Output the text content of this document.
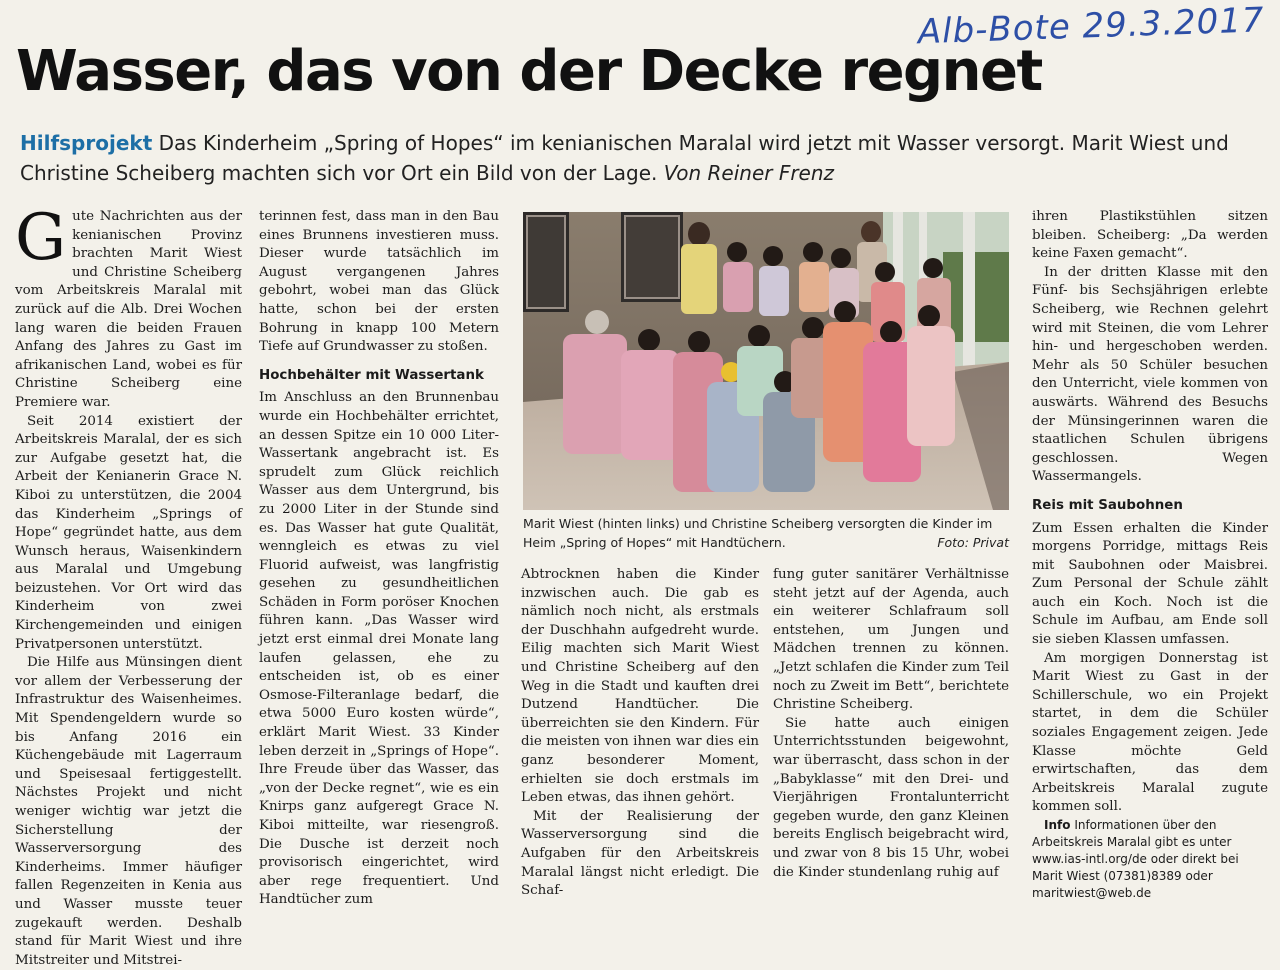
Alb-Bote 29.3.2017
Wasser, das von der Decke regnet
Hilfsprojekt Das Kinderheim „Spring of Hopes“ im kenianischen Maralal wird jetzt mit Wasser versorgt. Marit Wiest und Christine Scheiberg machten sich vor Ort ein Bild von der Lage. Von Reiner Frenz

Gute Nachrichten aus der kenianischen Provinz brachten Marit Wiest und Christine Scheiberg vom Arbeitskreis Maralal mit zurück auf die Alb. Drei Wochen lang waren die beiden Frauen Anfang des Jahres zu Gast im afrikanischen Land, wobei es für Christine Scheiberg eine Premiere war.

Seit 2014 existiert der Arbeitskreis Maralal, der es sich zur Aufgabe gesetzt hat, die Arbeit der Kenianerin Grace N. Kiboi zu unterstützen, die 2004 das Kinderheim „Springs of Hope“ gegründet hatte, aus dem Wunsch heraus, Waisenkindern aus Maralal und Umgebung beizustehen. Vor Ort wird das Kinderheim von zwei Kirchengemeinden und einigen Privatpersonen unterstützt.

Die Hilfe aus Münsingen dient vor allem der Verbesserung der Infrastruktur des Waisenheimes. Mit Spendengeldern wurde so bis Anfang 2016 ein Küchengebäude mit Lagerraum und Speisesaal fertiggestellt. Nächstes Projekt und nicht weniger wichtig war jetzt die Sicherstellung der Wasserversorgung des Kinderheims. Immer häufiger fallen Regenzeiten in Kenia aus und Wasser musste teuer zugekauft werden. Deshalb stand für Marit Wiest und ihre Mitstreiter und Mitstrei-

terinnen fest, dass man in den Bau eines Brunnens investieren muss. Dieser wurde tatsächlich im August vergangenen Jahres gebohrt, wobei man das Glück hatte, schon bei der ersten Bohrung in knapp 100 Metern Tiefe auf Grundwasser zu stoßen.

Hochbehälter mit Wassertank

Im Anschluss an den Brunnenbau wurde ein Hochbehälter errichtet, an dessen Spitze ein 10 000 Liter-Wassertank angebracht ist. Es sprudelt zum Glück reichlich Wasser aus dem Untergrund, bis zu 2000 Liter in der Stunde sind es. Das Wasser hat gute Qualität, wenngleich es etwas zu viel Fluorid aufweist, was langfristig gesehen zu gesundheitlichen Schäden in Form poröser Knochen führen kann. „Das Wasser wird jetzt erst einmal drei Monate lang laufen gelassen, ehe zu entscheiden ist, ob es einer Osmose-Filteranlage bedarf, die etwa 5000 Euro kosten würde“, erklärt Marit Wiest. 33 Kinder leben derzeit in „Springs of Hope“. Ihre Freude über das Wasser, das „von der Decke regnet“, wie es ein Knirps ganz aufgeregt Grace N. Kiboi mitteilte, war riesengroß. Die Dusche ist derzeit noch provisorisch eingerichtet, wird aber rege frequentiert. Und Handtücher zum

Marit Wiest (hinten links) und Christine Scheiberg versorgten die Kinder im Heim „Spring of Hopes“ mit Handtüchern.	Foto: Privat

Abtrocknen haben die Kinder inzwischen auch. Die gab es nämlich noch nicht, als erstmals der Duschhahn aufgedreht wurde. Eilig machten sich Marit Wiest und Christine Scheiberg auf den Weg in die Stadt und kauften drei Dutzend Handtücher. Die überreichten sie den Kindern. Für die meisten von ihnen war dies ein ganz besonderer Moment, erhielten sie doch erstmals im Leben etwas, das ihnen gehört.

Mit der Realisierung der Wasserversorgung sind die Aufgaben für den Arbeitskreis Maralal längst nicht erledigt. Die Schaf-

fung guter sanitärer Verhältnisse steht jetzt auf der Agenda, auch ein weiterer Schlafraum soll entstehen, um Jungen und Mädchen trennen zu können. „Jetzt schlafen die Kinder zum Teil noch zu Zweit im Bett“, berichtete Christine Scheiberg.

Sie hatte auch einigen Unterrichtsstunden beigewohnt, war überrascht, dass schon in der „Babyklasse“ mit den Drei- und Vierjährigen Frontalunterricht gegeben wurde, den ganz Kleinen bereits Englisch beigebracht wird, und zwar von 8 bis 15 Uhr, wobei die Kinder stundenlang ruhig auf

ihren Plastikstühlen sitzen bleiben. Scheiberg: „Da werden keine Faxen gemacht“.

In der dritten Klasse mit den Fünf- bis Sechsjährigen erlebte Scheiberg, wie Rechnen gelehrt wird mit Steinen, die vom Lehrer hin- und hergeschoben werden. Mehr als 50 Schüler besuchen den Unterricht, viele kommen von auswärts. Während des Besuchs der Münsingerinnen waren die staatlichen Schulen übrigens geschlossen. Wegen Wassermangels.

Reis mit Saubohnen

Zum Essen erhalten die Kinder morgens Porridge, mittags Reis mit Saubohnen oder Maisbrei. Zum Personal der Schule zählt auch ein Koch. Noch ist die Schule im Aufbau, am Ende soll sie sieben Klassen umfassen.

Am morgigen Donnerstag ist Marit Wiest zu Gast in der Schillerschule, wo ein Projekt startet, in dem die Schüler soziales Engagement zeigen. Jede Klasse möchte Geld erwirtschaften, das dem Arbeitskreis Maralal zugute kommen soll.

Info Informationen über den Arbeitskreis Maralal gibt es unter www.ias-intl.org/de oder direkt bei Marit Wiest (07381)8389 oder maritwiest@web.de
